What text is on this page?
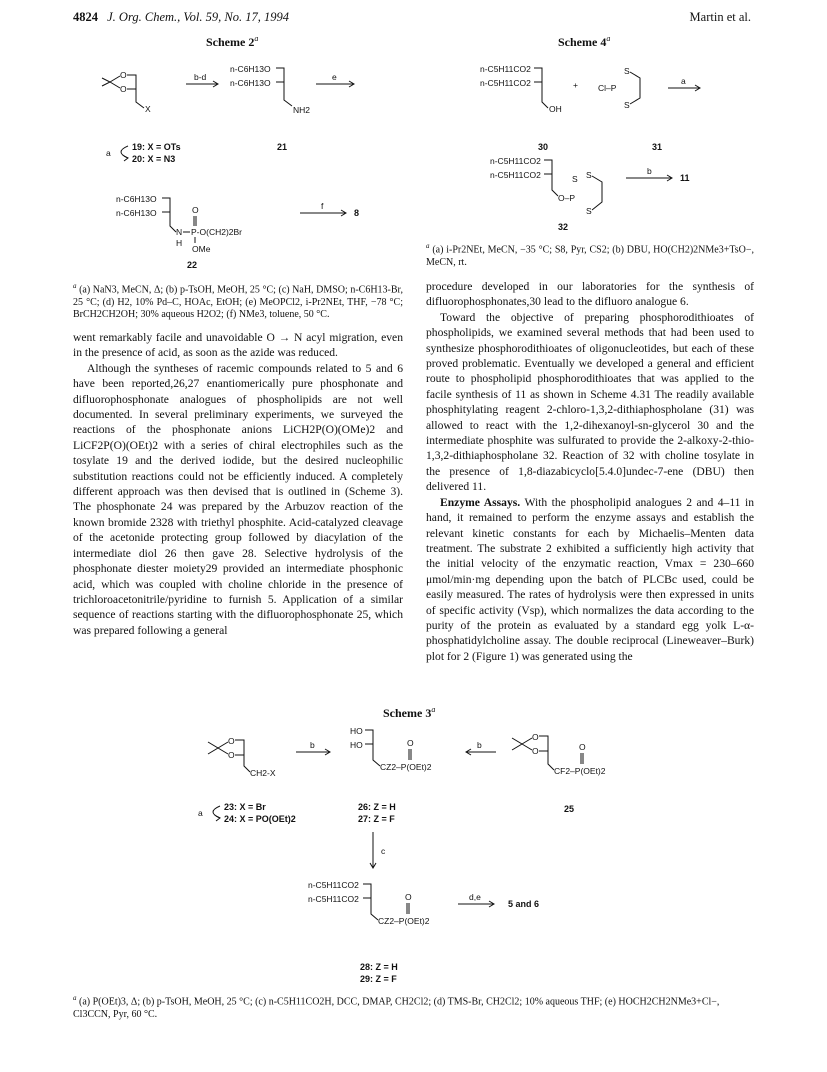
4824 J. Org. Chem., Vol. 59, No. 17, 1994	Martin et al.
Scheme 2$^a$
O
O
X
b-d
n-C6H13O
n-C6H13O
NH2
21
e
a
19: X = OTs
20: X = N3
n-C6H13O
n-C6H13O
N
H
P-O(CH2)2Br
O
OMe
22
f
8
$^a$ (a) NaN3, MeCN, Δ; (b) p-TsOH, MeOH, 25 °C; (c) NaH, DMSO; n-C6H13-Br, 25 °C; (d) H2, 10% Pd–C, HOAc, EtOH; (e) MeOPCl2, i-Pr2NEt, THF, −78 °C; BrCH2CH2OH; 30% aqueous H2O2; (f) NMe3, toluene, 50 °C.

went remarkably facile and unavoidable O → N acyl migration, even in the presence of acid, as soon as the azide was reduced.

Although the syntheses of racemic compounds related to 5 and 6 have been reported,26,27 enantiomerically pure phosphonate and difluorophosphonate analogues of phospholipids are not well documented. In several preliminary experiments, we surveyed the reactions of the phosphonate anions LiCH2P(O)(OMe)2 and LiCF2P(O)(OEt)2 with a series of chiral electrophiles such as the tosylate 19 and the derived iodide, but the desired nucleophilic substitution reactions could not be efficiently induced. A completely different approach was then devised that is outlined in (Scheme 3). The phosphonate 24 was prepared by the Arbuzov reaction of the known bromide 2328 with triethyl phosphite. Acid-catalyzed cleavage of the acetonide protecting group followed by diacylation of the intermediate diol 26 then gave 28. Selective hydrolysis of the phosphonate diester moiety29 provided an intermediate phosphonic acid, which was coupled with choline chloride in the presence of trichloroacetonitrile/pyridine to furnish 5. Application of a similar sequence of reactions starting with the difluorophosphonate 25, which was prepared following a general

Scheme 4$^a$
n-C5H11CO2
n-C5H11CO2
OH
+ Cl–P
S
S
31
30
a
n-C5H11CO2
n-C5H11CO2
O–P
S S
S
32
b
11
$^a$ (a) i-Pr2NEt, MeCN, −35 °C; S8, Pyr, CS2; (b) DBU, HO(CH2)2NMe3+TsO−, MeCN, rt.

procedure developed in our laboratories for the synthesis of difluorophosphonates,30 lead to the difluoro analogue 6.

Toward the objective of preparing phosphorodithioates of phospholipids, we examined several methods that had been used to synthesize phosphorodithioates of oligonucleotides, but each of these proved problematic. Eventually we developed a general and efficient route to phospholipid phosphorodithioates that was applied to the facile synthesis of 11 as shown in Scheme 4.31 The readily available phosphitylating reagent 2-chloro-1,3,2-dithiaphospholane (31) was allowed to react with the 1,2-dihexanoyl-sn-glycerol 30 and the intermediate phosphite was sulfurated to provide the 2-alkoxy-2-thio-1,3,2-dithiaphospholane 32. Reaction of 32 with choline tosylate in the presence of 1,8-diazabicyclo[5.4.0]undec-7-ene (DBU) then delivered 11.

Enzyme Assays. With the phospholipid analogues 2 and 4–11 in hand, it remained to perform the enzyme assays and establish the relevant kinetic constants for each by Michaelis–Menten data treatment. The substrate 2 exhibited a sufficiently high activity that the initial velocity of the enzymatic reaction, Vmax = 230–660 μmol/min·mg depending upon the batch of PLCBc used, could be easily measured. The rates of hydrolysis were then expressed in units of specific activity (Vsp), which normalizes the data according to the purity of the protein as evaluated by a standard egg yolk L-α-phosphatidylcholine assay. The double reciprocal (Lineweaver–Burk) plot for 2 (Figure 1) was generated using the

Scheme 3$^a$
O
O
CH2-X
b
HO
HO
CZ2–P(OEt)2
O	b
O
O
CF2–P(OEt)2
O
25
a
23: X = Br
24: X = PO(OEt)2
26: Z = H
27: Z = F
c
n-C5H11CO2
n-C5H11CO2
CZ2–P(OEt)2
O	d,e
5 and 6
28: Z = H
29: Z = F
$^a$ (a) P(OEt)3, Δ; (b) p-TsOH, MeOH, 25 °C; (c) n-C5H11CO2H, DCC, DMAP, CH2Cl2; (d) TMS-Br, CH2Cl2; 10% aqueous THF; (e) HOCH2CH2NMe3+Cl−, Cl3CCN, Pyr, 60 °C.
